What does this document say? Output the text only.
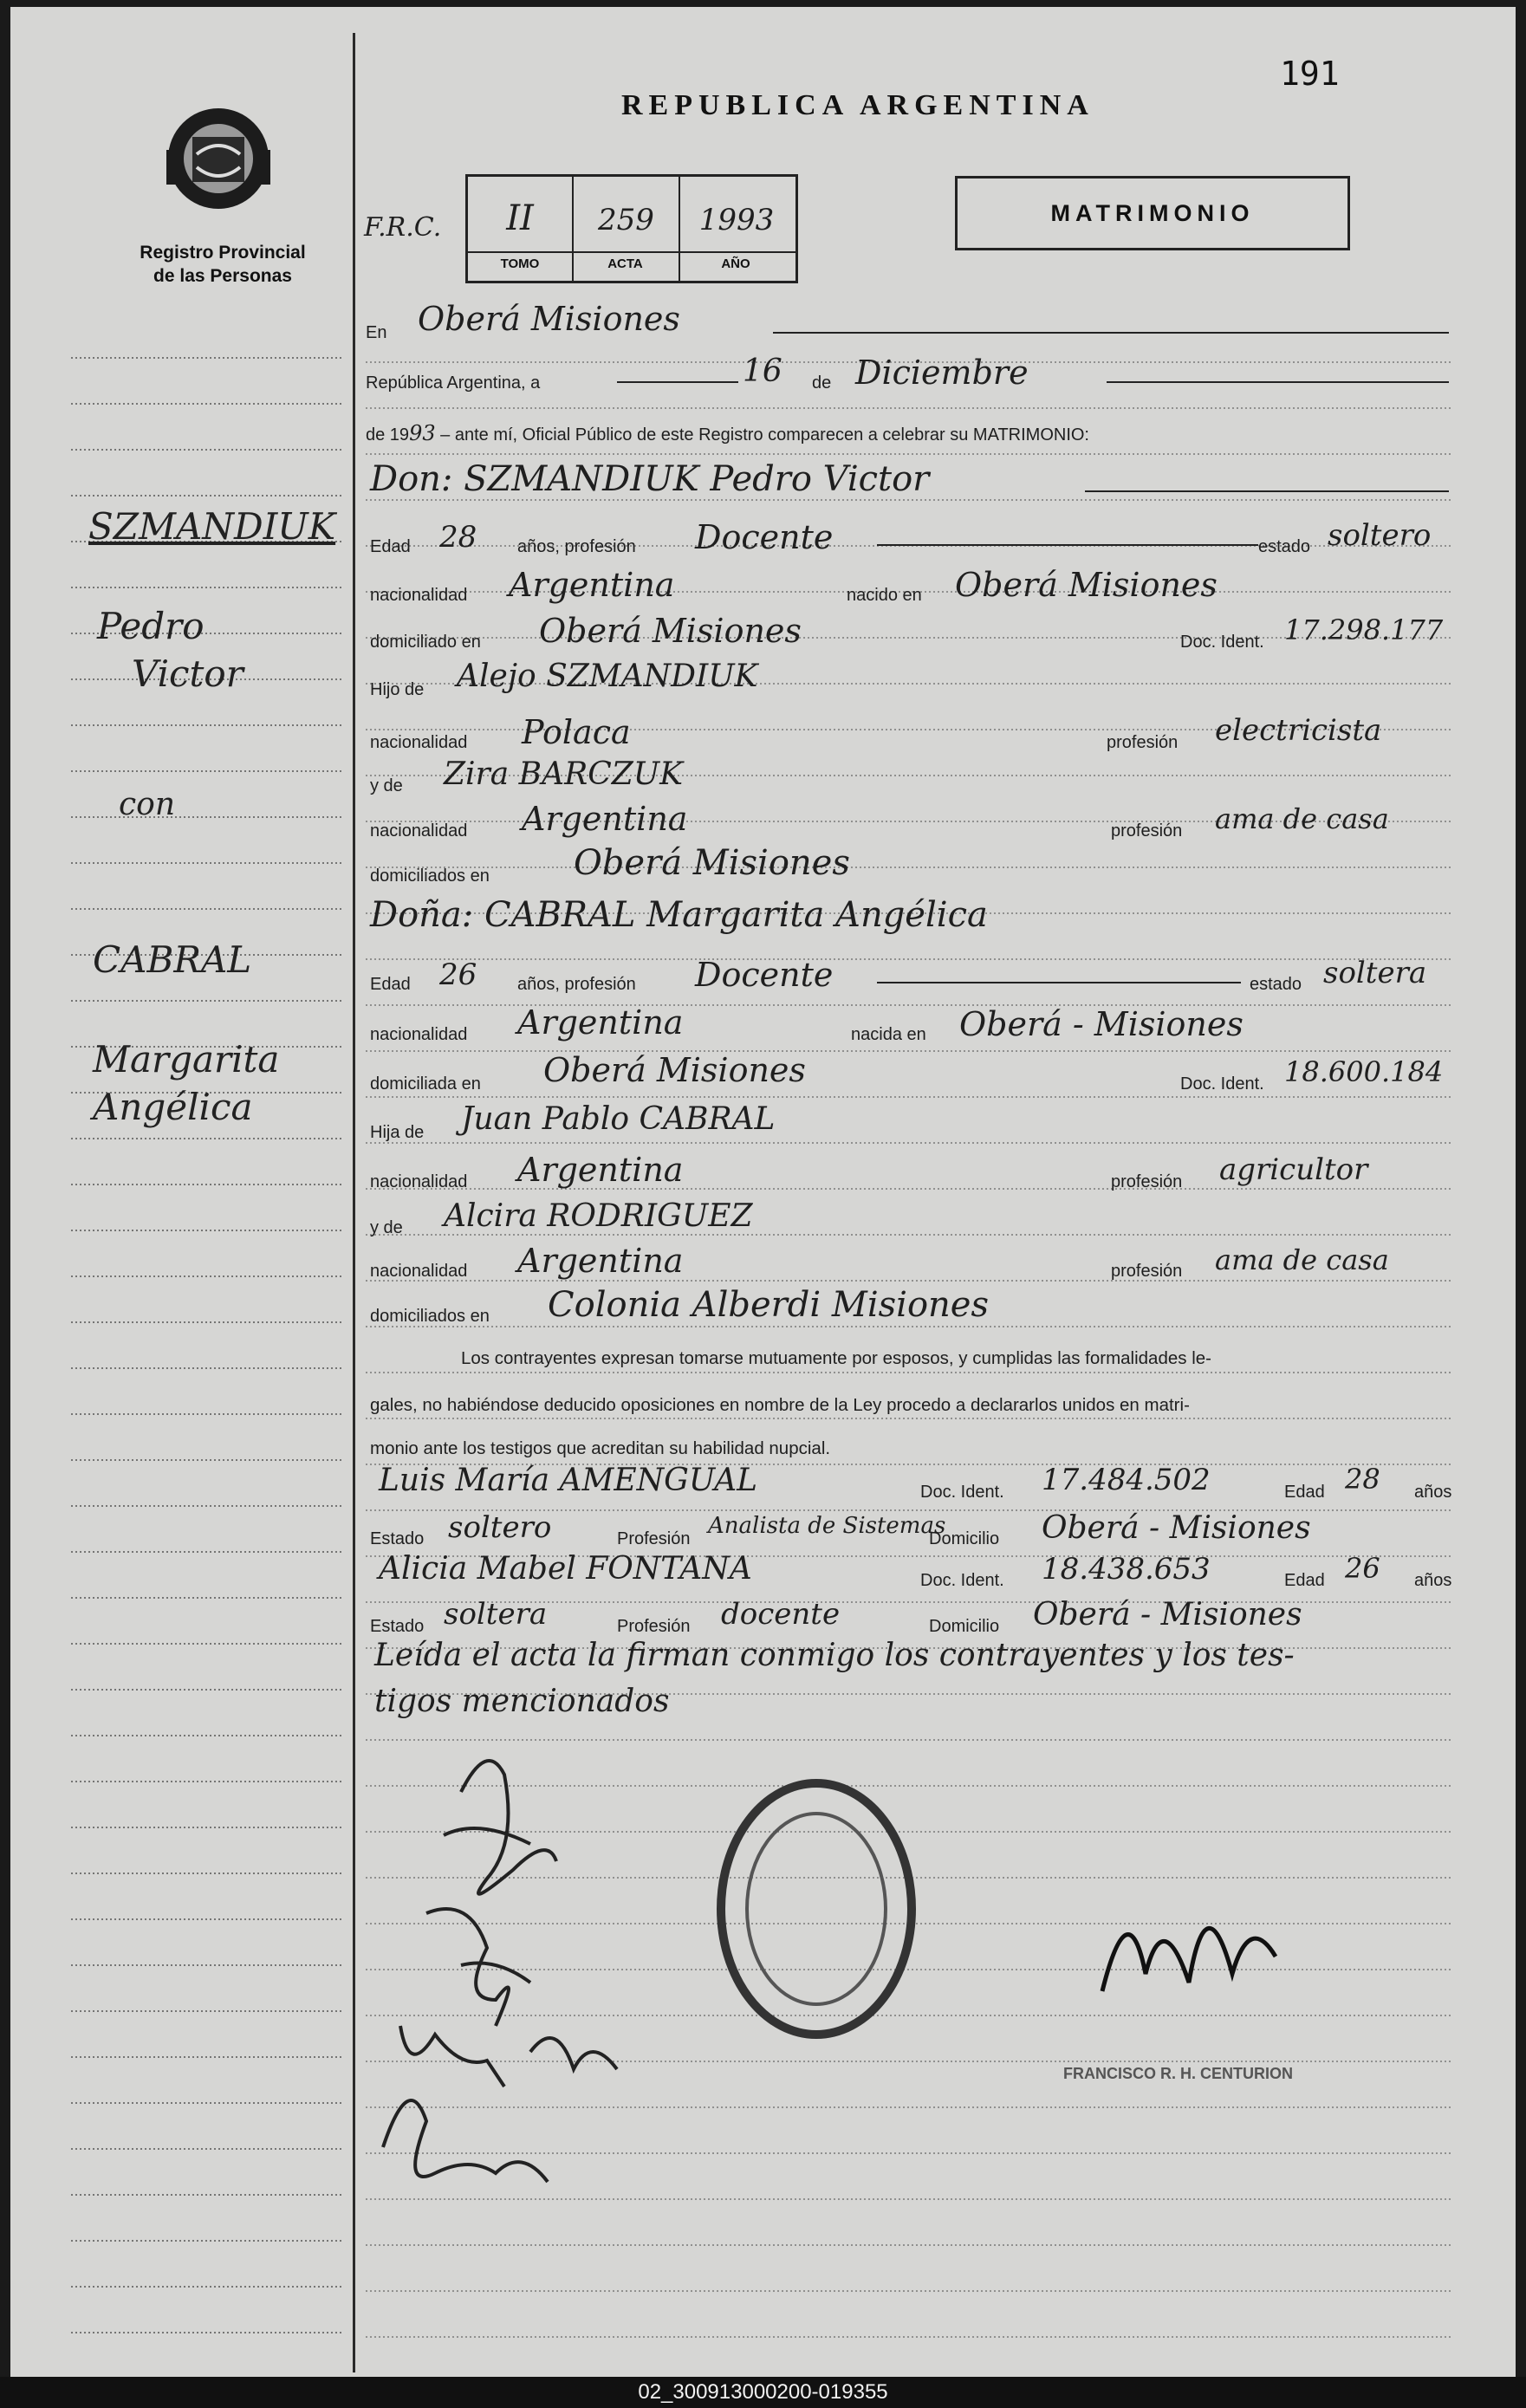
191
Registro Provincial
de las Personas
REPUBLICA ARGENTINA
F.R.C.	II	259	1993
TOMO	ACTA	AÑO
MATRIMONIO
SZMANDIUK
Pedro
Victor
con
CABRAL
Margarita
Angélica
En Oberá Misiones
República Argentina, a	16 de Diciembre
de 1993 – ante mí, Oficial Público de este Registro comparecen a celebrar su MATRIMONIO:
Don: SZMANDIUK Pedro Victor
Edad 28 años, profesión Docente	estado soltero
nacionalidad Argentina	nacido en Oberá Misiones
domiciliado en Oberá Misiones	Doc. Ident. 17.298.177
Hijo de Alejo SZMANDIUK
nacionalidad Polaca	profesión electricista
y de Zira BARCZUK
nacionalidad Argentina	profesión ama de casa
domiciliados en Oberá Misiones
Doña: CABRAL Margarita Angélica
Edad 26 años, profesión Docente	estado soltera
nacionalidad Argentina	nacida en Oberá - Misiones
domiciliada en Oberá Misiones	Doc. Ident. 18.600.184
Hija de Juan Pablo CABRAL
nacionalidad Argentina	profesión agricultor
y de Alcira RODRIGUEZ
nacionalidad Argentina	profesión ama de casa
domiciliados en Colonia Alberdi Misiones
Los contrayentes expresan tomarse mutuamente por esposos, y cumplidas las formalidades le-
gales, no habiéndose deducido oposiciones en nombre de la Ley procedo a declararlos unidos en matri-
monio ante los testigos que acreditan su habilidad nupcial.
Luis María AMENGUAL	Doc. Ident. 17.484.502	Edad 28 años
Estado soltero	Profesión Analista de Sistemas
Domicilio Oberá - Misiones
Alicia Mabel FONTANA	Doc. Ident. 18.438.653	Edad 26 años
Estado soltera	Profesión docente	Domicilio Oberá - Misiones
Leída el acta la firman conmigo los contrayentes y los tes-
tigos mencionados
FRANCISCO R. H. CENTURION
02_300913000200-019355
